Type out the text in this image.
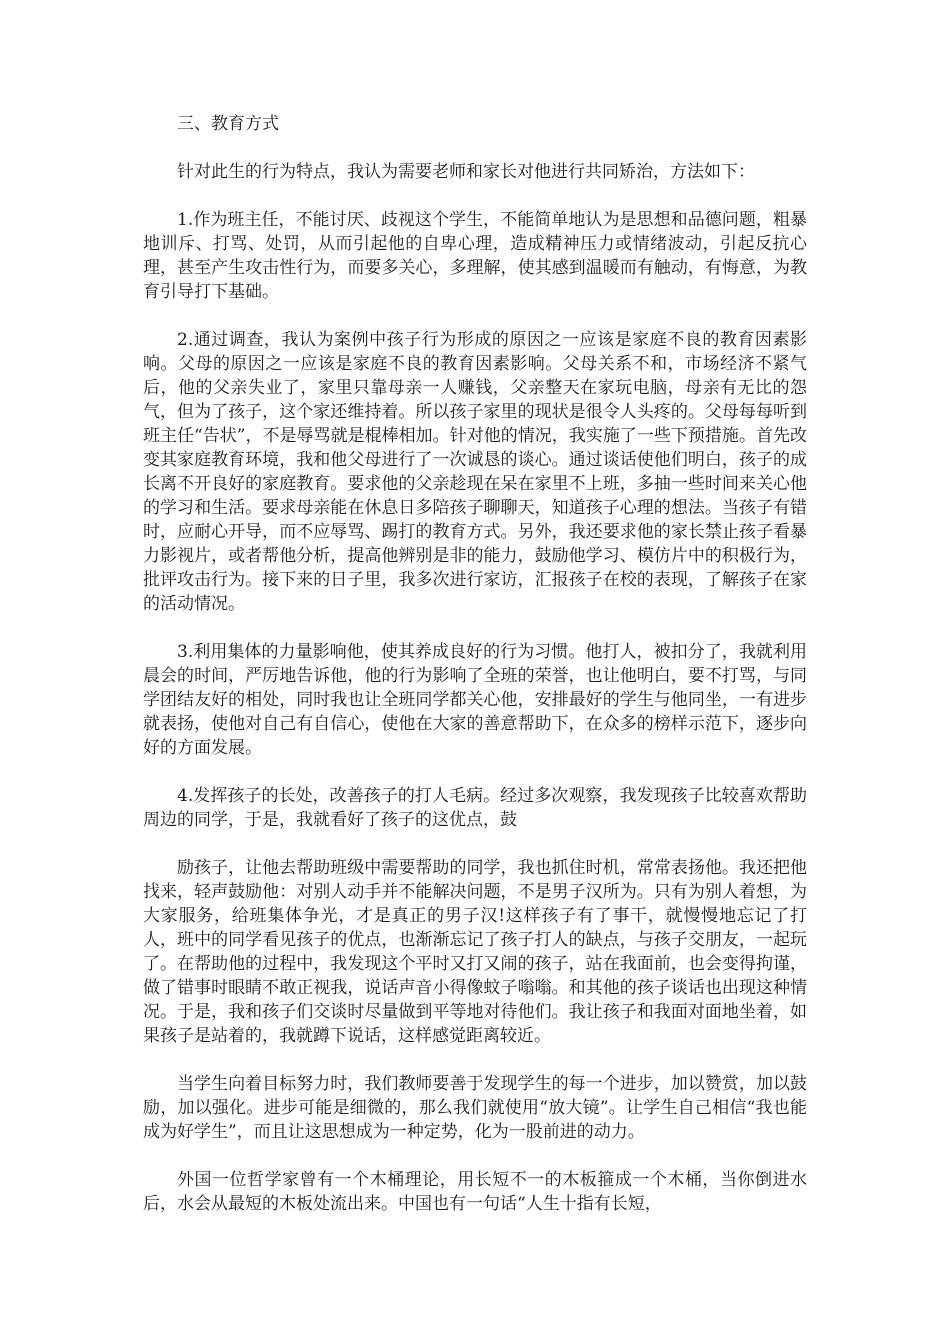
三、教育方式

针对此生的行为特点，我认为需要老师和家长对他进行共同矫治，方法如下：

1.作为班主任，不能讨厌、歧视这个学生，不能简单地认为是思想和品德问题，粗暴地训斥、打骂、处罚，从而引起他的自卑心理，造成精神压力或情绪波动，引起反抗心理，甚至产生攻击性行为，而要多关心，多理解，使其感到温暖而有触动，有悔意，为教育引导打下基础。

2.通过调查，我认为案例中孩子行为形成的原因之一应该是家庭不良的教育因素影响。父母的原因之一应该是家庭不良的教育因素影响。父母关系不和，市场经济不紧气后，他的父亲失业了，家里只靠母亲一人赚钱，父亲整天在家玩电脑，母亲有无比的怨气，但为了孩子，这个家还维持着。所以孩子家里的现状是很令人头疼的。父母每每听到班主任“告状”，不是辱骂就是棍棒相加。针对他的情况，我实施了一些下预措施。首先改变其家庭教育环境，我和他父母进行了一次诚恳的谈心。通过谈话使他们明白，孩子的成长离不开良好的家庭教育。要求他的父亲趁现在呆在家里不上班，多抽一些时间来关心他的学习和生活。要求母亲能在休息日多陪孩子聊聊天，知道孩子心理的想法。当孩子有错时，应耐心开导，而不应辱骂、踢打的教育方式。另外，我还要求他的家长禁止孩子看暴力影视片，或者帮他分析，提高他辨别是非的能力，鼓励他学习、模仿片中的积极行为，批评攻击行为。接下来的日子里，我多次进行家访，汇报孩子在校的表现，了解孩子在家的活动情况。

3.利用集体的力量影响他，使其养成良好的行为习惯。他打人，被扣分了，我就利用晨会的时间，严厉地告诉他，他的行为影响了全班的荣誉，也让他明白，要不打骂，与同学团结友好的相处，同时我也让全班同学都关心他，安排最好的学生与他同坐，一有进步就表扬，使他对自己有自信心，使他在大家的善意帮助下，在众多的榜样示范下，逐步向好的方面发展。

4.发挥孩子的长处，改善孩子的打人毛病。经过多次观察，我发现孩子比较喜欢帮助周边的同学，于是，我就看好了孩子的这优点，鼓

励孩子，让他去帮助班级中需要帮助的同学，我也抓住时机，常常表扬他。我还把他找来，轻声鼓励他：对别人动手并不能解决问题，不是男子汉所为。只有为别人着想，为大家服务，给班集体争光，才是真正的男子汉!这样孩子有了事干，就慢慢地忘记了打人，班中的同学看见孩子的优点，也渐渐忘记了孩子打人的缺点，与孩子交朋友，一起玩了。在帮助他的过程中，我发现这个平时又打又闹的孩子，站在我面前，也会变得拘谨，做了错事时眼睛不敢正视我，说话声音小得像蚊子嗡嗡。和其他的孩子谈话也出现这种情况。于是，我和孩子们交谈时尽量做到平等地对待他们。我让孩子和我面对面地坐着，如果孩子是站着的，我就蹲下说话，这样感觉距离较近。

当学生向着目标努力时，我们教师要善于发现学生的每一个进步，加以赞赏，加以鼓励，加以强化。进步可能是细微的，那么我们就使用“放大镜”。让学生自己相信“我也能成为好学生”，而且让这思想成为一种定势，化为一股前进的动力。

外国一位哲学家曾有一个木桶理论，用长短不一的木板箍成一个木桶，当你倒进水后，水会从最短的木板处流出来。中国也有一句话“人生十指有长短，
